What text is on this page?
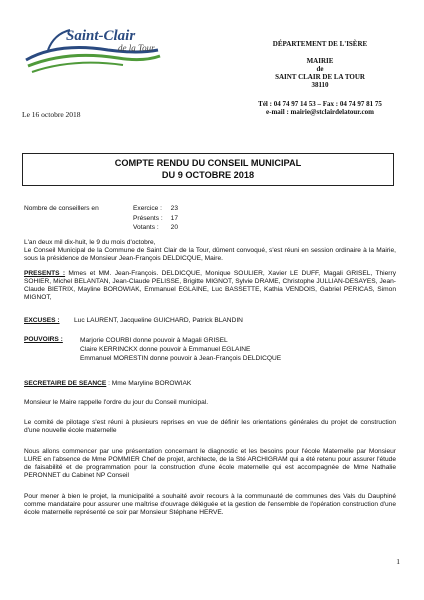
Saint-Clair
de la Tour	DÉPARTEMENT DE L'ISÈRE
MAIRIE
de
SAINT CLAIR DE LA TOUR
38110
Tél : 04 74 97 14 53 – Fax : 04 74 97 81 75
e-mail : mairie@stclairdelatour.com
Le 16 octobre 2018
COMPTE RENDU DU CONSEIL MUNICIPAL
DU 9 OCTOBRE 2018
Nombre de conseillers en	Exercice :	23
Présents :	17
Votants :	20
L'an deux mil dix-huit, le 9 du mois d'octobre,
Le Conseil Municipal de la Commune de Saint Clair de la Tour, dûment convoqué, s'est réuni en session ordinaire à la Mairie, sous la présidence de Monsieur Jean-François DELDICQUE, Maire.
PRESENTS : Mmes et MM. Jean-François. DELDICQUE, Monique SOULIER, Xavier LE DUFF, Magali GRISEL, Thierry SOHIER, Michel BELANTAN, Jean-Claude PELISSE, Brigitte MIGNOT, Sylvie DRAME, Christophe JULLIAN-DESAYES, Jean-Claude BIETRIX, Mayline BOROWIAK, Emmanuel EGLAINE, Luc BASSETTE, Kathia VENDOIS, Gabriel PERICAS, Simon MIGNOT,
EXCUSES : Luc LAURENT, Jacqueline GUICHARD, Patrick BLANDIN
POUVOIRS :	Marjorie COURBI donne pouvoir à Magali GRISEL
Claire KERRINCKX donne pouvoir à Emmanuel EGLAINE
Emmanuel MORESTIN donne pouvoir à Jean-François DELDICQUE
SECRETAIRE DE SEANCE : Mme Maryline BOROWIAK
Monsieur le Maire rappelle l'ordre du jour du Conseil municipal.
Le comité de pilotage s'est réuni à plusieurs reprises en vue de définir les orientations générales du projet de construction d'une nouvelle école maternelle
Nous allons commencer par une présentation concernant le diagnostic et les besoins pour l'école Maternelle par Monsieur LURE en l'absence de Mme POMMIER Chef de projet, architecte, de la Sté ARCHIGRAM qui a été retenu pour assurer l'étude de faisabilité et de programmation pour la construction d'une école maternelle qui est accompagnée de Mme Nathalie PERONNET du Cabinet NP Conseil
Pour mener à bien le projet, la municipalité a souhaité avoir recours à la communauté de communes des Vals du Dauphiné comme mandataire pour assurer une maîtrise d'ouvrage déléguée et la gestion de l'ensemble de l'opération construction d'une école maternelle représenté ce soir par Monsieur Stéphane HERVE.
1
